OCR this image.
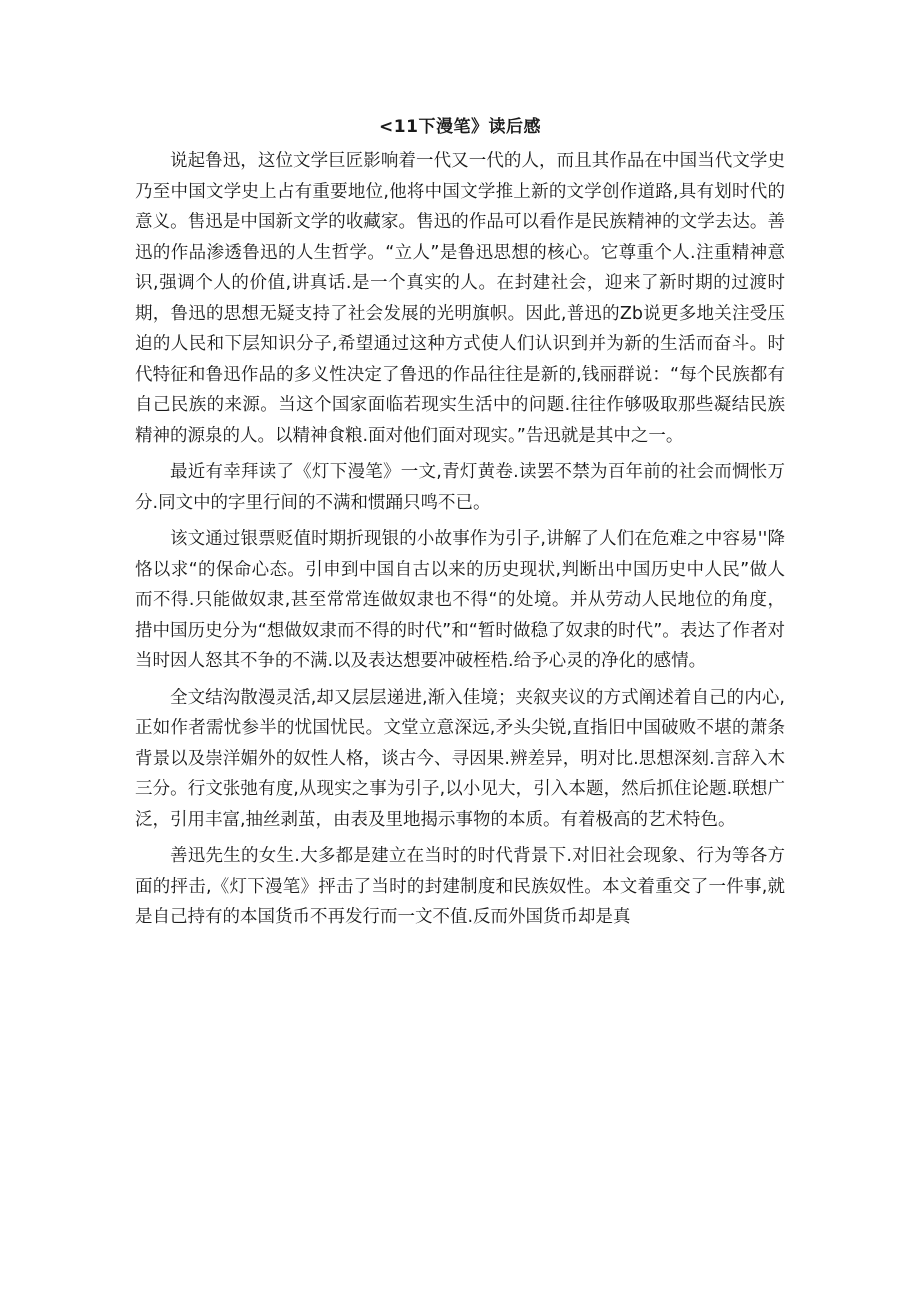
<11下漫笔》读后感

说起鲁迅，这位文学巨匠影响着一代又一代的人，而且其作品在中国当代文学史乃至中国文学史上占有重要地位,他将中国文学推上新的文学创作道路,具有划时代的意义。售迅是中国新文学的收藏家。售迅的作品可以看作是民族精神的文学去达。善迅的作品渗透鲁迅的人生哲学。“立人”是鲁迅思想的核心。它尊重个人.注重精神意识,强调个人的价值,讲真话.是一个真实的人。在封建社会，迎来了新时期的过渡时期，鲁迅的思想无疑支持了社会发展的光明旗帜。因此,普迅的Zb说更多地关注受压迫的人民和下层知识分子,希望通过这种方式使人们认识到并为新的生活而奋斗。时代特征和鲁迅作品的多义性决定了鲁迅的作品往往是新的,钱丽群说：“每个民族都有自己民族的来源。当这个国家面临若现实生活中的问题.往往作够吸取那些凝结民族精神的源泉的人。以精神食粮.面对他们面对现实。”告迅就是其中之一。

最近有幸拜读了《灯下漫笔》一文,青灯黄卷.读罢不禁为百年前的社会而惆怅万分.同文中的字里行间的不满和惯踊只鸣不已。

该文通过银票贬值时期折现银的小故事作为引子,讲解了人们在危难之中容易''降恪以求“的保命心态。引申到中国自古以来的历史现状,判断出中国历史中人民”做人而不得.只能做奴隶,甚至常常连做奴隶也不得“的处境。并从劳动人民地位的角度，措中国历史分为“想做奴隶而不得的时代”和“暂时做稳了奴隶的时代”。表达了作者对当时因人怒其不争的不满.以及表达想要冲破桎梏.给予心灵的净化的感情。

全文结沟散漫灵活,却又层层递进,渐入佳境；夹叙夹议的方式阐述着自己的内心,正如作者需忧参半的忧国忧民。文堂立意深远,矛头尖锐,直指旧中国破败不堪的萧条背景以及崇洋媚外的奴性人格，谈古今、寻因果.辨差异，明对比.思想深刻.言辞入木三分。行文张弛有度,从现实之事为引子,以小见大，引入本题，然后抓住论题.联想广泛，引用丰富,抽丝剥茧，由表及里地揭示事物的本质。有着极高的艺术特色。

善迅先生的女生.大多都是建立在当时的时代背景下.对旧社会现象、行为等各方面的抨击,《灯下漫笔》抨击了当时的封建制度和民族奴性。本文着重交了一件事,就是自己持有的本国货币不再发行而一文不值.反而外国货币却是真
